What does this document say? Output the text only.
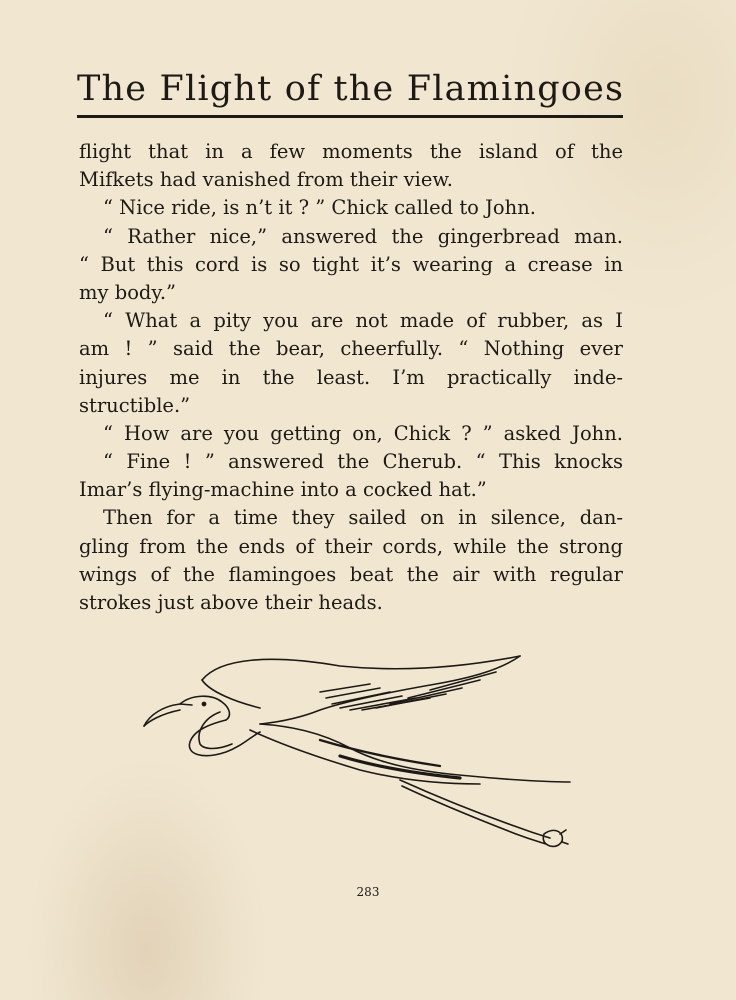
The Flight of the Flamingoes
flight that in a few moments the island of the
Mifkets had vanished from their view.
“ Nice ride, is n’t it ? ” Chick called to John.
“ Rather nice,” answered the gingerbread man.
“ But this cord is so tight it’s wearing a crease in
my body.”
“ What a pity you are not made of rubber, as I
am ! ” said the bear, cheerfully. “ Nothing ever
injures me in the least. I’m practically inde-
structible.”
“ How are you getting on, Chick ? ” asked John.
“ Fine ! ” answered the Cherub. “ This knocks
Imar’s flying-machine into a cocked hat.”
Then for a time they sailed on in silence, dan-
gling from the ends of their cords, while the strong
wings of the flamingoes beat the air with regular
strokes just above their heads.
283
